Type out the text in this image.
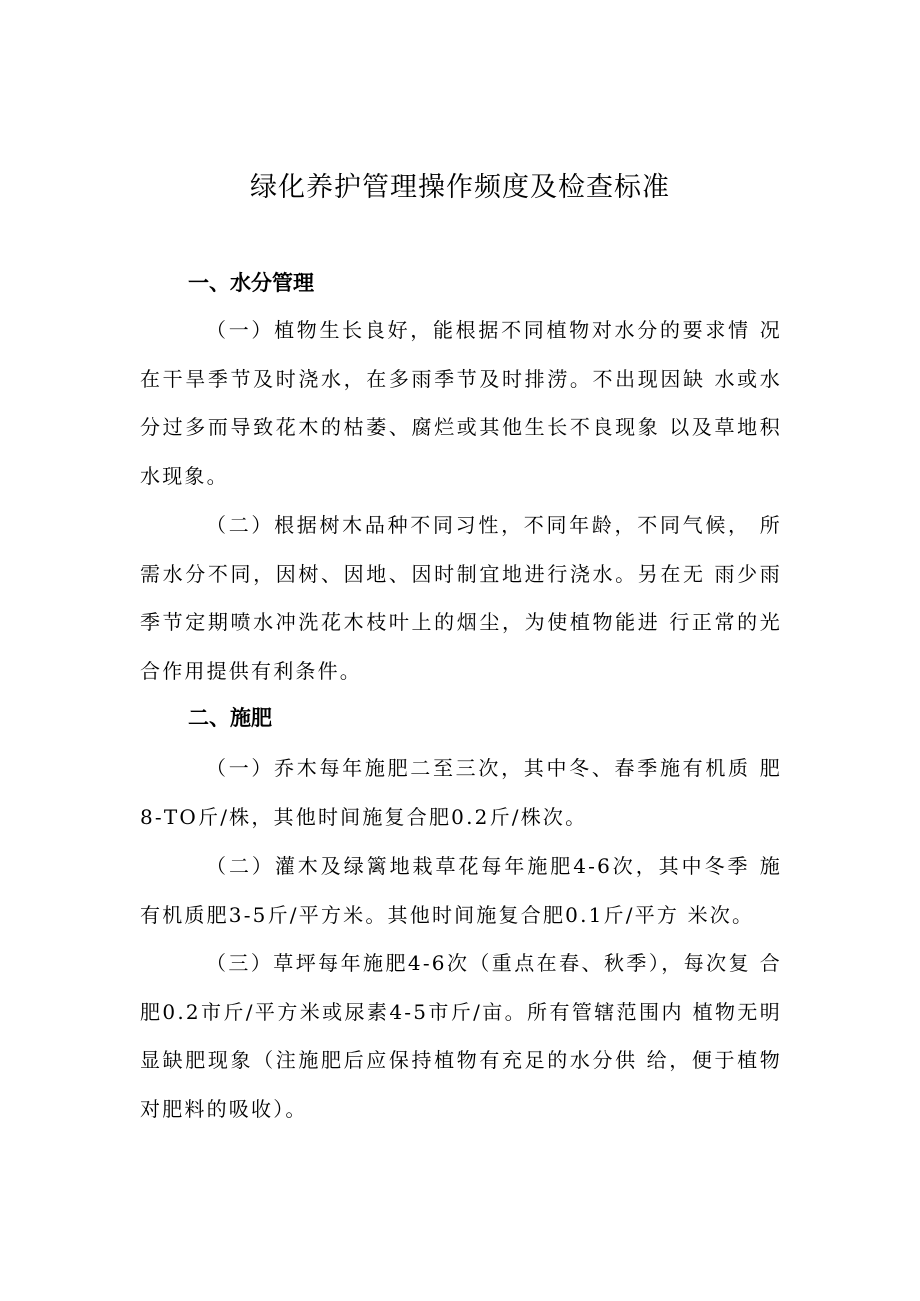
绿化养护管理操作频度及检查标准
一、水分管理

（一）植物生长良好，能根据不同植物对水分的要求情 况在干旱季节及时浇水，在多雨季节及时排涝。不出现因缺 水或水分过多而导致花木的枯萎、腐烂或其他生长不良现象 以及草地积水现象。

（二）根据树木品种不同习性，不同年龄，不同气候， 所需水分不同，因树、因地、因时制宜地进行浇水。另在无 雨少雨季节定期喷水冲洗花木枝叶上的烟尘，为使植物能进 行正常的光合作用提供有利条件。

二、施肥

（一）乔木每年施肥二至三次，其中冬、春季施有机质 肥8-TO斤/株，其他时间施复合肥0.2斤/株次。

（二）灌木及绿篱地栽草花每年施肥4-6次，其中冬季 施有机质肥3-5斤/平方米。其他时间施复合肥0.1斤/平方 米次。

（三）草坪每年施肥4-6次（重点在春、秋季），每次复 合肥0.2市斤/平方米或尿素4-5市斤/亩。所有管辖范围内 植物无明显缺肥现象（注施肥后应保持植物有充足的水分供 给，便于植物对肥料的吸收）。
